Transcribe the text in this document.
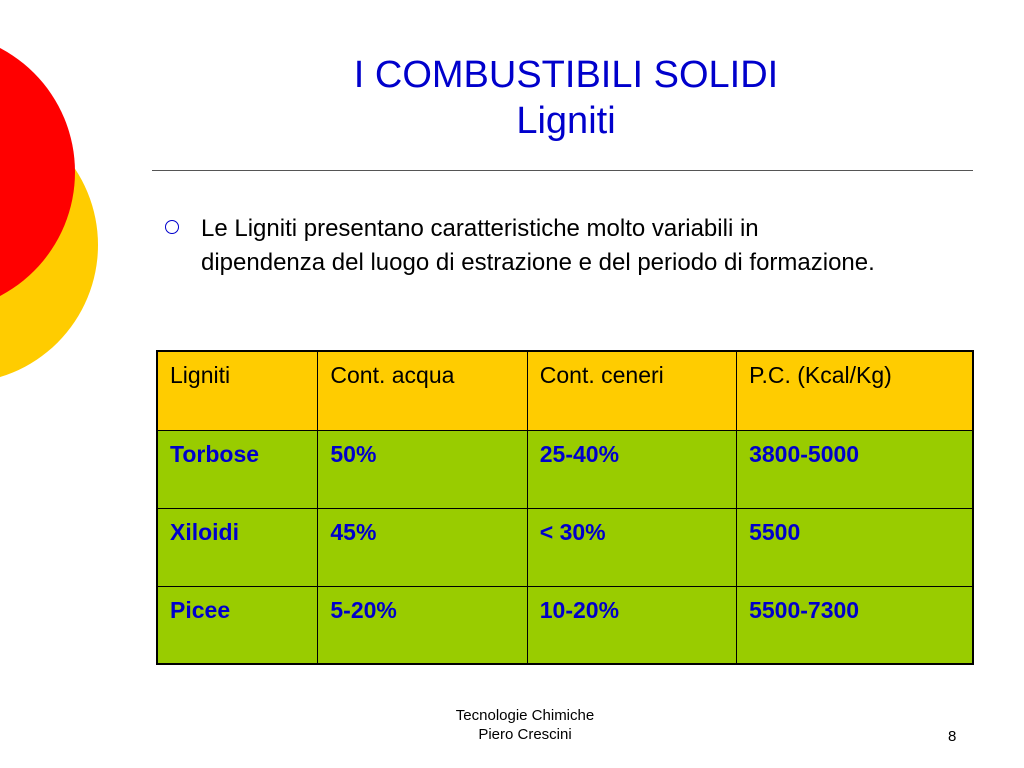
I COMBUSTIBILI SOLIDI
Ligniti
Le Ligniti presentano caratteristiche molto variabili in dipendenza del luogo di estrazione e del periodo di formazione.
Ligniti	Cont. acqua	Cont. ceneri	P.C. (Kcal/Kg)
Torbose	50%	25-40%	3800-5000
Xiloidi	45%	< 30%	5500
Picee	5-20%	10-20%	5500-7300
Tecnologie Chimiche
Piero Crescini	8
